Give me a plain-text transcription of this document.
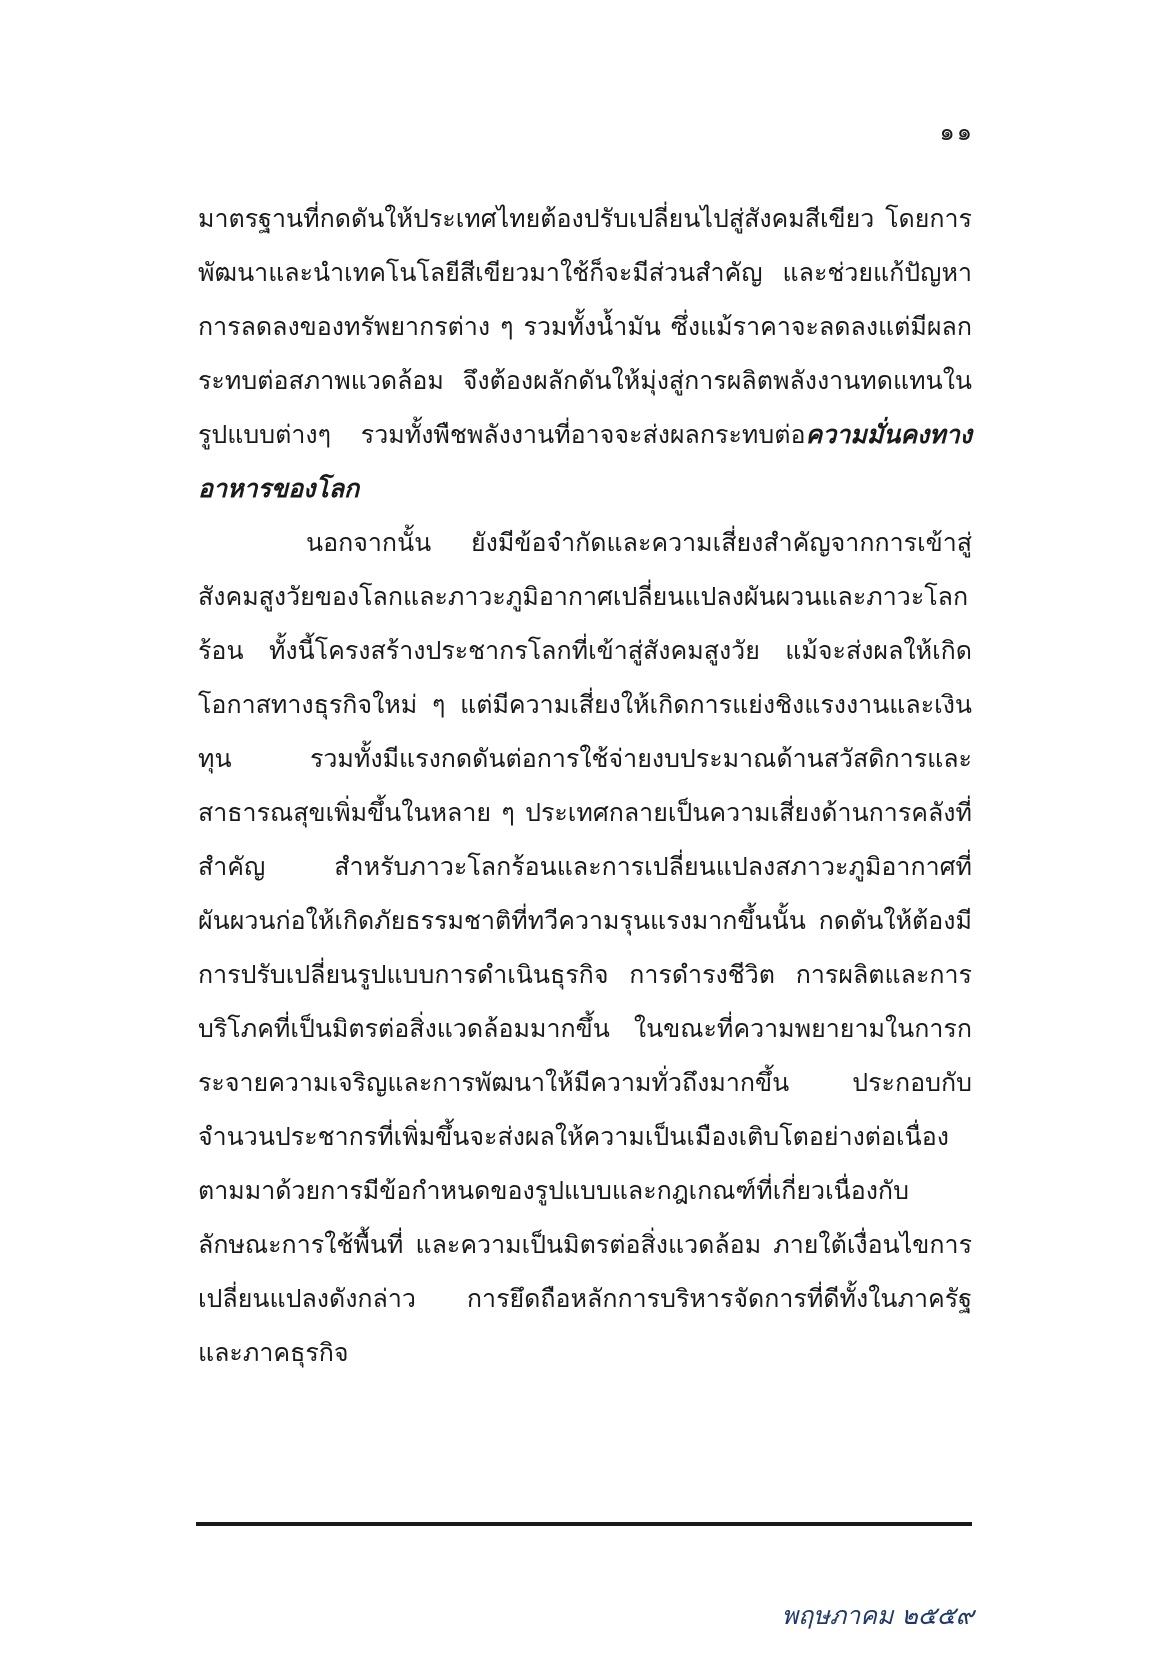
๑๑

มาตรฐานที่กดดันให้ประเทศไทยต้องปรับเปลี่ยนไปสู่สังคมสีเขียว โดยการพัฒนาและนำเทคโนโลยีสีเขียวมาใช้ก็จะมีส่วนสำคัญ และช่วยแก้ปัญหาการลดลงของทรัพยากรต่าง ๆ รวมทั้งน้ำมัน ซึ่งแม้ราคาจะลดลงแต่มีผลกระทบต่อสภาพแวดล้อม จึงต้องผลักดันให้มุ่งสู่การผลิตพลังงานทดแทนในรูปแบบต่างๆ รวมทั้งพืชพลังงานที่อาจจะส่งผลกระทบต่อความมั่นคงทางอาหารของโลก

นอกจากนั้น ยังมีข้อจำกัดและความเสี่ยงสำคัญจากการเข้าสู่สังคมสูงวัยของโลกและภาวะภูมิอากาศเปลี่ยนแปลงผันผวนและภาวะโลกร้อน ทั้งนี้โครงสร้างประชากรโลกที่เข้าสู่สังคมสูงวัย แม้จะส่งผลให้เกิดโอกาสทางธุรกิจใหม่ ๆ แต่มีความเสี่ยงให้เกิดการแย่งชิงแรงงานและเงินทุน รวมทั้งมีแรงกดดันต่อการใช้จ่ายงบประมาณด้านสวัสดิการและสาธารณสุขเพิ่มขึ้นในหลาย ๆ ประเทศกลายเป็นความเสี่ยงด้านการคลังที่สำคัญ สำหรับภาวะโลกร้อนและการเปลี่ยนแปลงสภาวะภูมิอากาศที่ผันผวนก่อให้เกิดภัยธรรมชาติที่ทวีความรุนแรงมากขึ้นนั้น กดดันให้ต้องมีการปรับเปลี่ยนรูปแบบการดำเนินธุรกิจ การดำรงชีวิต การผลิตและการบริโภคที่เป็นมิตรต่อสิ่งแวดล้อมมากขึ้น ในขณะที่ความพยายามในการกระจายความเจริญและการพัฒนาให้มีความทั่วถึงมากขึ้น ประกอบกับจำนวนประชากรที่เพิ่มขึ้นจะส่งผลให้ความเป็นเมืองเติบโตอย่างต่อเนื่อง ตามมาด้วยการมีข้อกำหนดของรูปแบบและกฎเกณฑ์ที่เกี่ยวเนื่องกับลักษณะการใช้พื้นที่ และความเป็นมิตรต่อสิ่งแวดล้อม ภายใต้เงื่อนไขการเปลี่ยนแปลงดังกล่าว การยึดถือหลักการบริหารจัดการที่ดีทั้งในภาครัฐและภาคธุรกิจ

พฤษภาคม ๒๕๕๙
